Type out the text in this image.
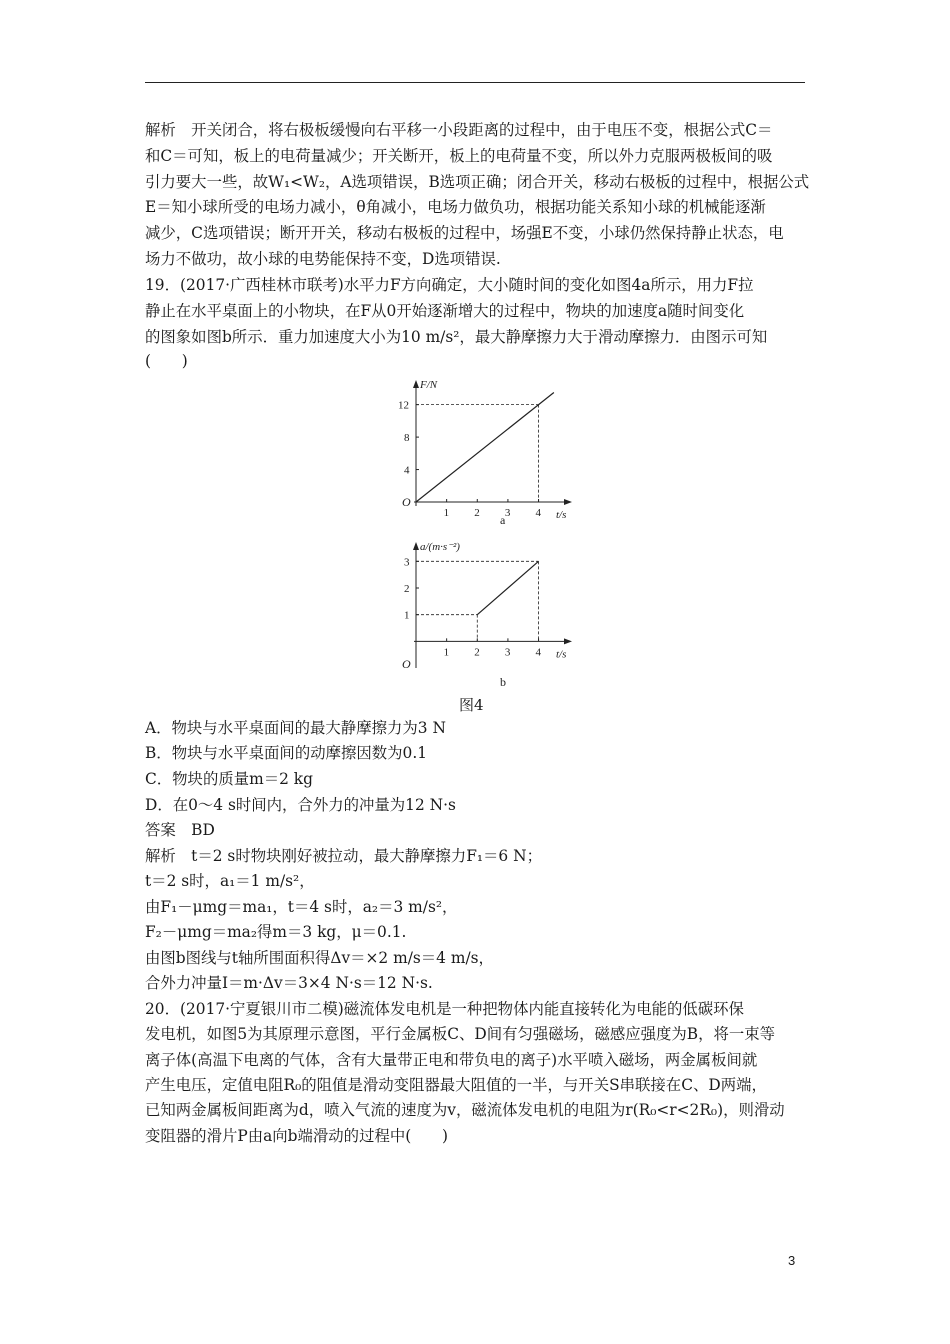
解析　开关闭合，将右极板缓慢向右平移一小段距离的过程中，由于电压不变，根据公式C＝
和C＝可知，板上的电荷量减少；开关断开，板上的电荷量不变，所以外力克服两极板间的吸
引力要大一些，故W₁<W₂，A选项错误，B选项正确；闭合开关，移动右极板的过程中，根据公式
E＝知小球所受的电场力减小，θ角减小，电场力做负功，根据功能关系知小球的机械能逐渐
减少，C选项错误；断开开关，移动右极板的过程中，场强E不变，小球仍然保持静止状态，电
场力不做功，故小球的电势能保持不变，D选项错误.
19．(2017·广西桂林市联考)水平力F方向确定，大小随时间的变化如图4a所示，用力F拉
静止在水平桌面上的小物块，在F从0开始逐渐增大的过程中，物块的加速度a随时间变化
的图象如图b所示．重力加速度大小为10 m/s²，最大静摩擦力大于滑动摩擦力．由图示可知
(　　)
A．物块与水平桌面间的最大静摩擦力为3 N
B．物块与水平桌面间的动摩擦因数为0.1
C．物块的质量m＝2 kg
D．在0～4 s时间内，合外力的冲量为12 N·s
答案　BD
解析　t＝2 s时物块刚好被拉动，最大静摩擦力F₁＝6 N；
t＝2 s时，a₁＝1 m/s²，
由F₁－μmg＝ma₁，t＝4 s时，a₂＝3 m/s²，
F₂－μmg＝ma₂得m＝3 kg，μ＝0.1.
由图b图线与t轴所围面积得Δv＝×2 m/s＝4 m/s，
合外力冲量I＝m·Δv＝3×4 N·s＝12 N·s.
20．(2017·宁夏银川市二模)磁流体发电机是一种把物体内能直接转化为电能的低碳环保
发电机，如图5为其原理示意图，平行金属板C、D间有匀强磁场，磁感应强度为B，将一束等
离子体(高温下电离的气体，含有大量带正电和带负电的离子)水平喷入磁场，两金属板间就
产生电压，定值电阻R₀的阻值是滑动变阻器最大阻值的一半，与开关S串联接在C、D两端，
已知两金属板间距离为d，喷入气流的速度为v，磁流体发电机的电阻为r(R₀<r<2R₀)，则滑动
变阻器的滑片P由a向b端滑动的过程中(　　)
F/N
t/s
O
1 2 3 4
4
8
12
a
a/(m·s⁻²)
t/s
O
1 2 3 4
1
2
3
b
图4
3
